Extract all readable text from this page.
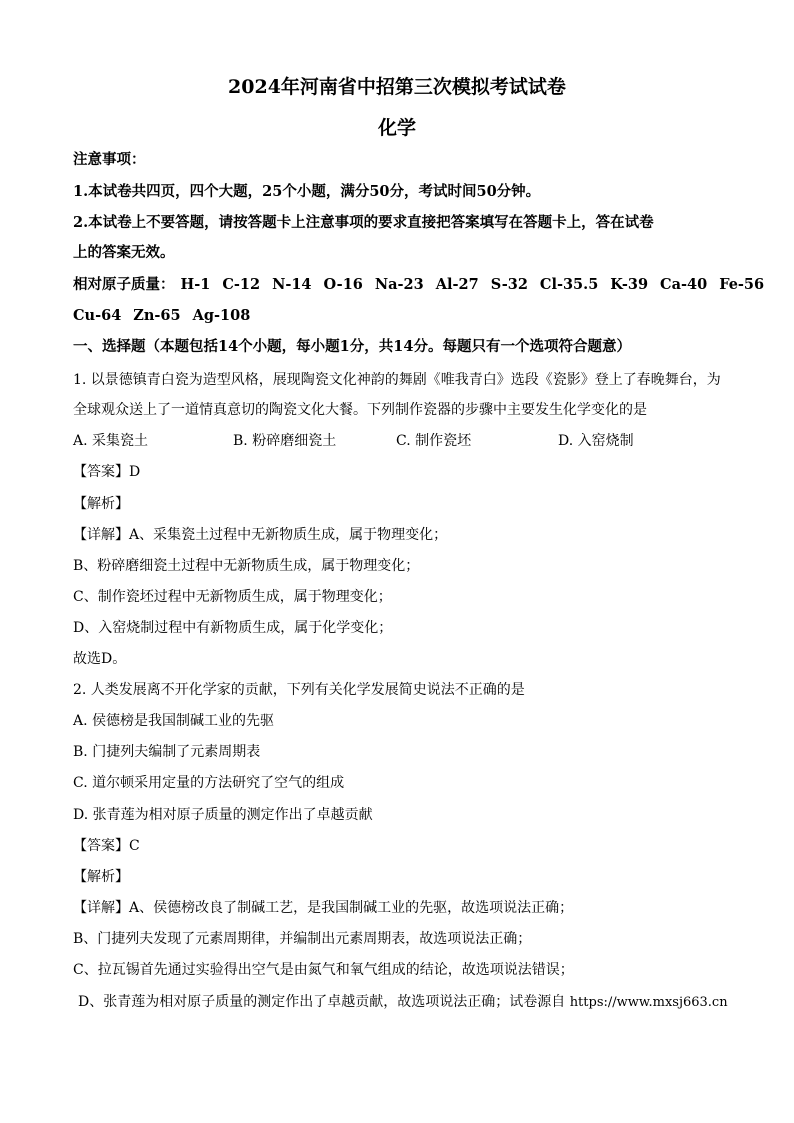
2024年河南省中招第三次模拟考试试卷
化学
注意事项：
1.本试卷共四页，四个大题，25个小题，满分50分，考试时间50分钟。
2.本试卷上不要答题，请按答题卡上注意事项的要求直接把答案填写在答题卡上，答在试卷
上的答案无效。
相对原子质量： H-1 C-12 N-14 O-16 Na-23 Al-27 S-32 Cl-35.5 K-39 Ca-40 Fe-56
Cu-64 Zn-65 Ag-108
一、选择题（本题包括14个小题，每小题1分，共14分。每题只有一个选项符合题意）
1. 以景德镇青白瓷为造型风格，展现陶瓷文化神韵的舞剧《唯我青白》选段《瓷影》登上了春晚舞台，为
全球观众送上了一道情真意切的陶瓷文化大餐。下列制作瓷器的步骤中主要发生化学变化的是
A. 采集瓷土	B. 粉碎磨细瓷土	C. 制作瓷坯	D. 入窑烧制
【答案】D
【解析】
【详解】A、采集瓷土过程中无新物质生成，属于物理变化；
B、粉碎磨细瓷土过程中无新物质生成，属于物理变化；
C、制作瓷坯过程中无新物质生成，属于物理变化；
D、入窑烧制过程中有新物质生成，属于化学变化；
故选D。
2. 人类发展离不开化学家的贡献，下列有关化学发展简史说法不正确的是
A. 侯德榜是我国制碱工业的先驱
B. 门捷列夫编制了元素周期表
C. 道尔顿采用定量的方法研究了空气的组成
D. 张青莲为相对原子质量的测定作出了卓越贡献
【答案】C
【解析】
【详解】A、侯德榜改良了制碱工艺，是我国制碱工业的先驱，故选项说法正确；
B、门捷列夫发现了元素周期律，并编制出元素周期表，故选项说法正确；
C、拉瓦锡首先通过实验得出空气是由氮气和氧气组成的结论，故选项说法错误；
D、张青莲为相对原子质量的测定作出了卓越贡献，故选项说法正确；试卷源自 https://www.mxsj663.cn
